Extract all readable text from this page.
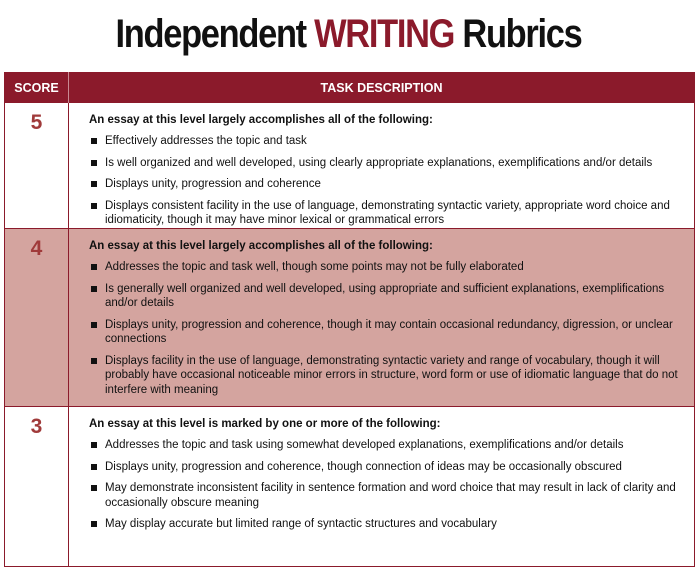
Independent
WRITING
Rubrics
SCORE	TASK DESCRIPTION
5	An essay at this level largely accomplishes all of the following:
Effectively addresses the topic and task
Is well organized and well developed, using clearly appropriate explanations, exemplifications and/or details
Displays unity, progression and coherence
Displays consistent facility in the use of language, demonstrating syntactic variety, appropriate word choice and idiomaticity, though it may have minor lexical or grammatical errors
4	An essay at this level largely accomplishes all of the following:
Addresses the topic and task well, though some points may not be fully elaborated
Is generally well organized and well developed, using appropriate and sufficient explanations, exemplifications and/or details
Displays unity, progression and coherence, though it may contain occasional redundancy, digression, or unclear connections
Displays facility in the use of language, demonstrating syntactic variety and range of vocabulary, though it will probably have occasional noticeable minor errors in structure, word form or use of idiomatic language that do not interfere with meaning
3	An essay at this level is marked by one or more of the following:
Addresses the topic and task using somewhat developed explanations, exemplifications and/or details
Displays unity, progression and coherence, though connection of ideas may be occasionally obscured
May demonstrate inconsistent facility in sentence formation and word choice that may result in lack of clarity and occasionally obscure meaning
May display accurate but limited range of syntactic structures and vocabulary
